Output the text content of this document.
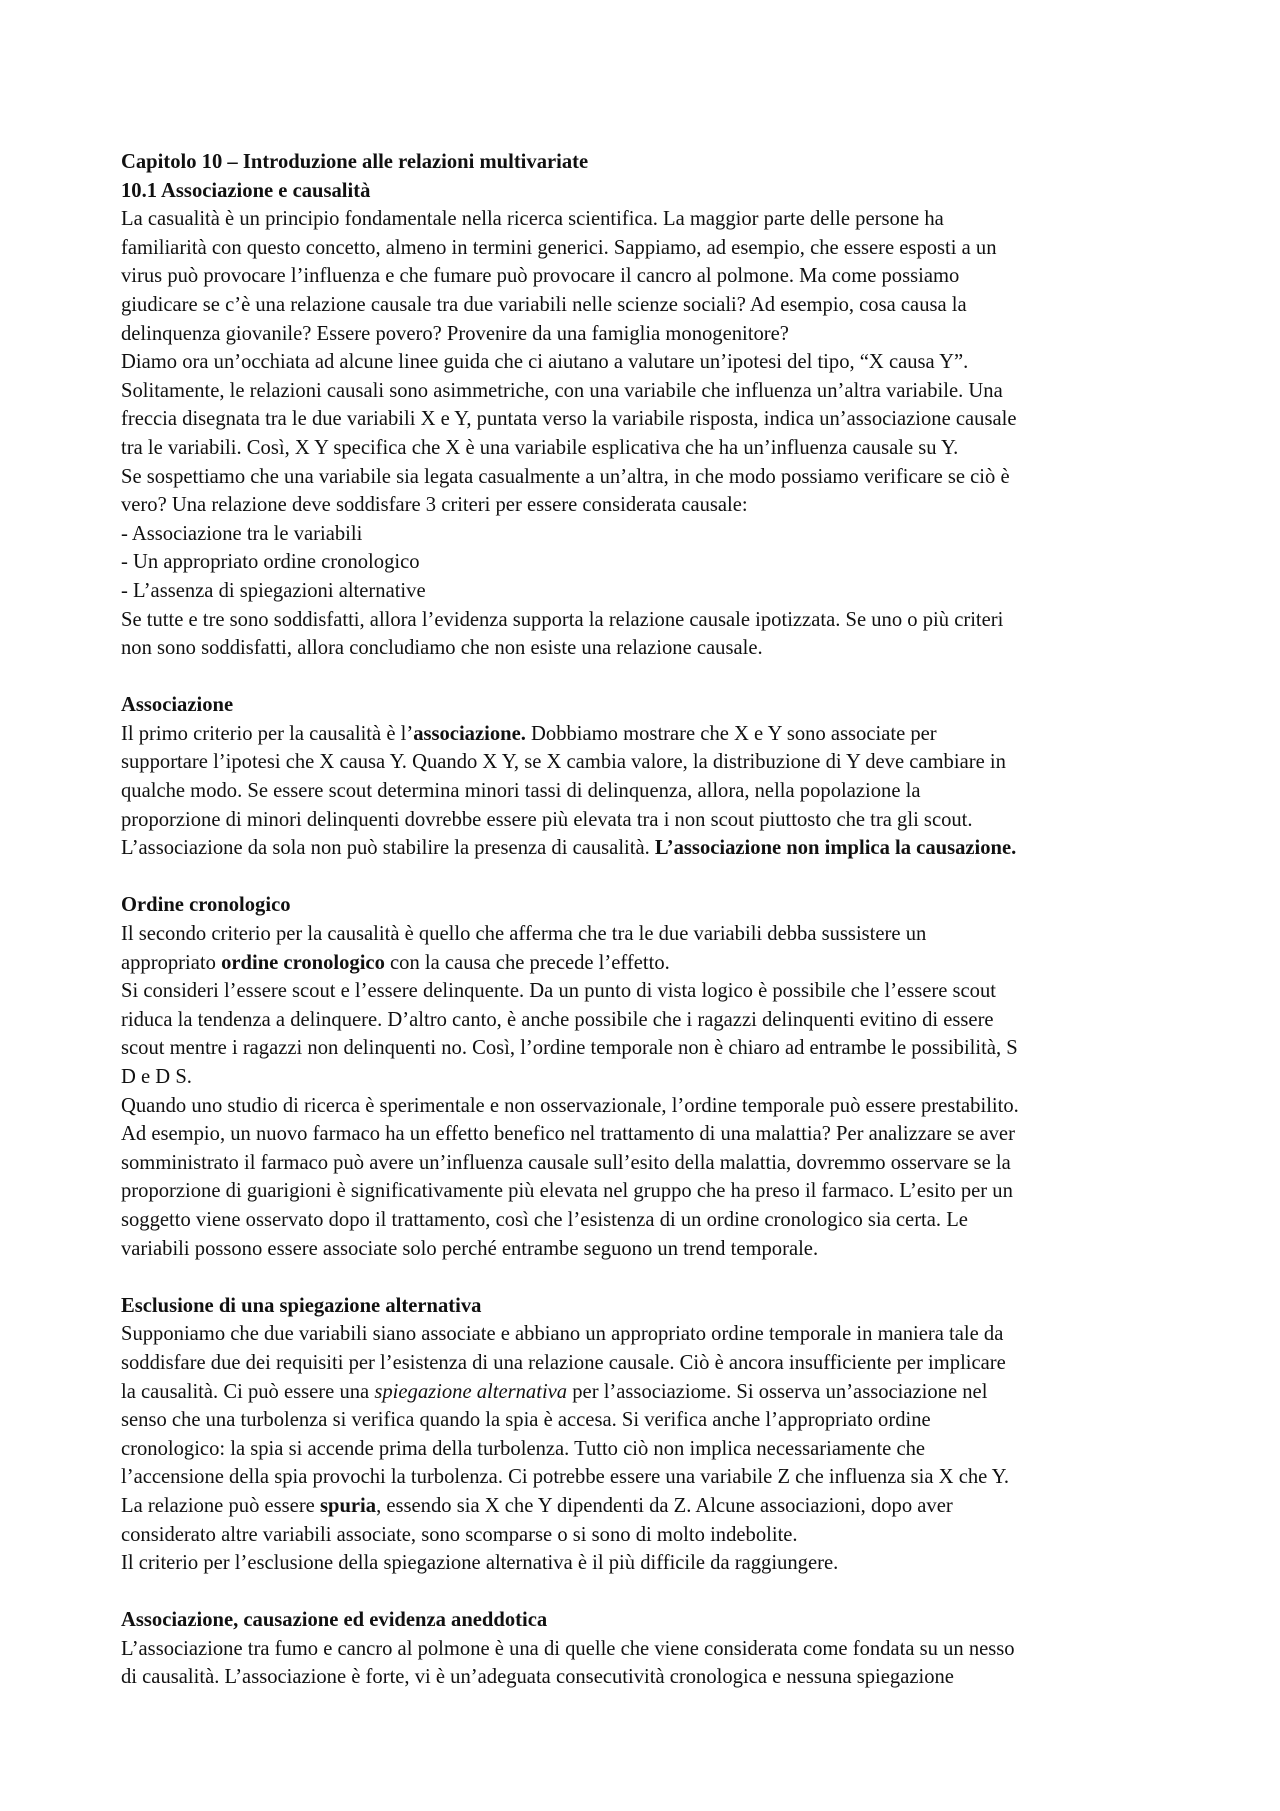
Capitolo 10 – Introduzione alle relazioni multivariate
10.1 Associazione e causalità
La casualità è un principio fondamentale nella ricerca scientifica. La maggior parte delle persone ha
familiarità con questo concetto, almeno in termini generici. Sappiamo, ad esempio, che essere esposti a un
virus può provocare l’influenza e che fumare può provocare il cancro al polmone. Ma come possiamo
giudicare se c’è una relazione causale tra due variabili nelle scienze sociali? Ad esempio, cosa causa la
delinquenza giovanile? Essere povero? Provenire da una famiglia monogenitore?
Diamo ora un’occhiata ad alcune linee guida che ci aiutano a valutare un’ipotesi del tipo, “X causa Y”.
Solitamente, le relazioni causali sono asimmetriche, con una variabile che influenza un’altra variabile. Una
freccia disegnata tra le due variabili X e Y, puntata verso la variabile risposta, indica un’associazione causale
tra le variabili. Così, X Y specifica che X è una variabile esplicativa che ha un’influenza causale su Y.
Se sospettiamo che una variabile sia legata casualmente a un’altra, in che modo possiamo verificare se ciò è
vero? Una relazione deve soddisfare 3 criteri per essere considerata causale:
- Associazione tra le variabili
- Un appropriato ordine cronologico
- L’assenza di spiegazioni alternative
Se tutte e tre sono soddisfatti, allora l’evidenza supporta la relazione causale ipotizzata. Se uno o più criteri
non sono soddisfatti, allora concludiamo che non esiste una relazione causale.
Associazione
Il primo criterio per la causalità è l’associazione. Dobbiamo mostrare che X e Y sono associate per
supportare l’ipotesi che X causa Y. Quando X Y, se X cambia valore, la distribuzione di Y deve cambiare in
qualche modo. Se essere scout determina minori tassi di delinquenza, allora, nella popolazione la
proporzione di minori delinquenti dovrebbe essere più elevata tra i non scout piuttosto che tra gli scout.
L’associazione da sola non può stabilire la presenza di causalità. L’associazione non implica la causazione.
Ordine cronologico
Il secondo criterio per la causalità è quello che afferma che tra le due variabili debba sussistere un
appropriato ordine cronologico con la causa che precede l’effetto.
Si consideri l’essere scout e l’essere delinquente. Da un punto di vista logico è possibile che l’essere scout
riduca la tendenza a delinquere. D’altro canto, è anche possibile che i ragazzi delinquenti evitino di essere
scout mentre i ragazzi non delinquenti no. Così, l’ordine temporale non è chiaro ad entrambe le possibilità, S
D e D S.
Quando uno studio di ricerca è sperimentale e non osservazionale, l’ordine temporale può essere prestabilito.
Ad esempio, un nuovo farmaco ha un effetto benefico nel trattamento di una malattia? Per analizzare se aver
somministrato il farmaco può avere un’influenza causale sull’esito della malattia, dovremmo osservare se la
proporzione di guarigioni è significativamente più elevata nel gruppo che ha preso il farmaco. L’esito per un
soggetto viene osservato dopo il trattamento, così che l’esistenza di un ordine cronologico sia certa. Le
variabili possono essere associate solo perché entrambe seguono un trend temporale.
Esclusione di una spiegazione alternativa
Supponiamo che due variabili siano associate e abbiano un appropriato ordine temporale in maniera tale da
soddisfare due dei requisiti per l’esistenza di una relazione causale. Ciò è ancora insufficiente per implicare
la causalità. Ci può essere una spiegazione alternativa per l’associaziome. Si osserva un’associazione nel
senso che una turbolenza si verifica quando la spia è accesa. Si verifica anche l’appropriato ordine
cronologico: la spia si accende prima della turbolenza. Tutto ciò non implica necessariamente che
l’accensione della spia provochi la turbolenza. Ci potrebbe essere una variabile Z che influenza sia X che Y.
La relazione può essere spuria, essendo sia X che Y dipendenti da Z. Alcune associazioni, dopo aver
considerato altre variabili associate, sono scomparse o si sono di molto indebolite.
Il criterio per l’esclusione della spiegazione alternativa è il più difficile da raggiungere.
Associazione, causazione ed evidenza aneddotica
L’associazione tra fumo e cancro al polmone è una di quelle che viene considerata come fondata su un nesso
di causalità. L’associazione è forte, vi è un’adeguata consecutività cronologica e nessuna spiegazione
